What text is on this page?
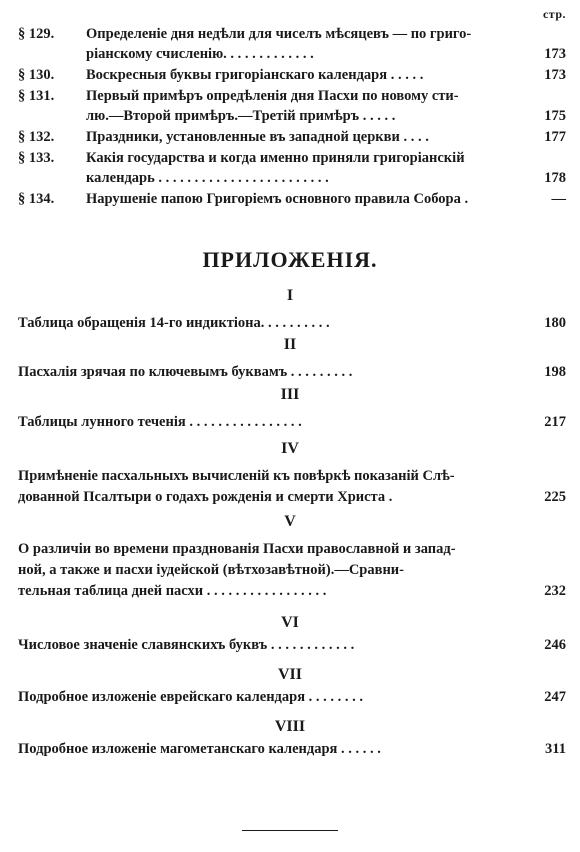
стр.
§ 129. Определеніе дня недѣли для чиселъ мѣсяцевъ — по григо-
ріанскому счисленію. . . . . . . . . . . . .	173
§ 130. Воскресныя буквы григоріанскаго календаря . . . . .	173
§ 131. Первый примѣръ опредѣленія дня Пасхи по новому сти-
лю.—Второй примѣръ.—Третій примѣръ . . . . .	175
§ 132. Праздники, установленные въ западной церкви . . . .	177
§ 133. Какія государства и когда именно приняли григоріанскій
календарь . . . . . . . . . . . . . . . . . . . . . . . .	178
§ 134. Нарушеніе папою Григоріемъ основного правила Собора .	—
ПРИЛОЖЕНІЯ.
I
Таблица обращенія 14-го индиктіона. . . . . . . . . .	180
II
Пасхалія зрячая по ключевымъ буквамъ . . . . . . . . .	198
III
Таблицы лунного теченія . . . . . . . . . . . . . . . .	217
IV
Примѣненіе пасхальныхъ вычисленій къ повѣркѣ показаній Слѣ-
дованной Псалтыри о годахъ рожденія и смерти Христа .	225
V
О различіи во времени празднованія Пасхи православной и запад-
ной, а также и пасхи іудейской (вѣтхозавѣтной).—Сравни-
тельная таблица дней пасхи . . . . . . . . . . . . . . . . .	232
VI
Числовое значеніе славянскихъ буквъ . . . . . . . . . . . .	246
VII
Подробное изложеніе еврейскаго календаря . . . . . . . .	247
VIII
Подробное изложеніе магометанскаго календаря . . . . . .	311
